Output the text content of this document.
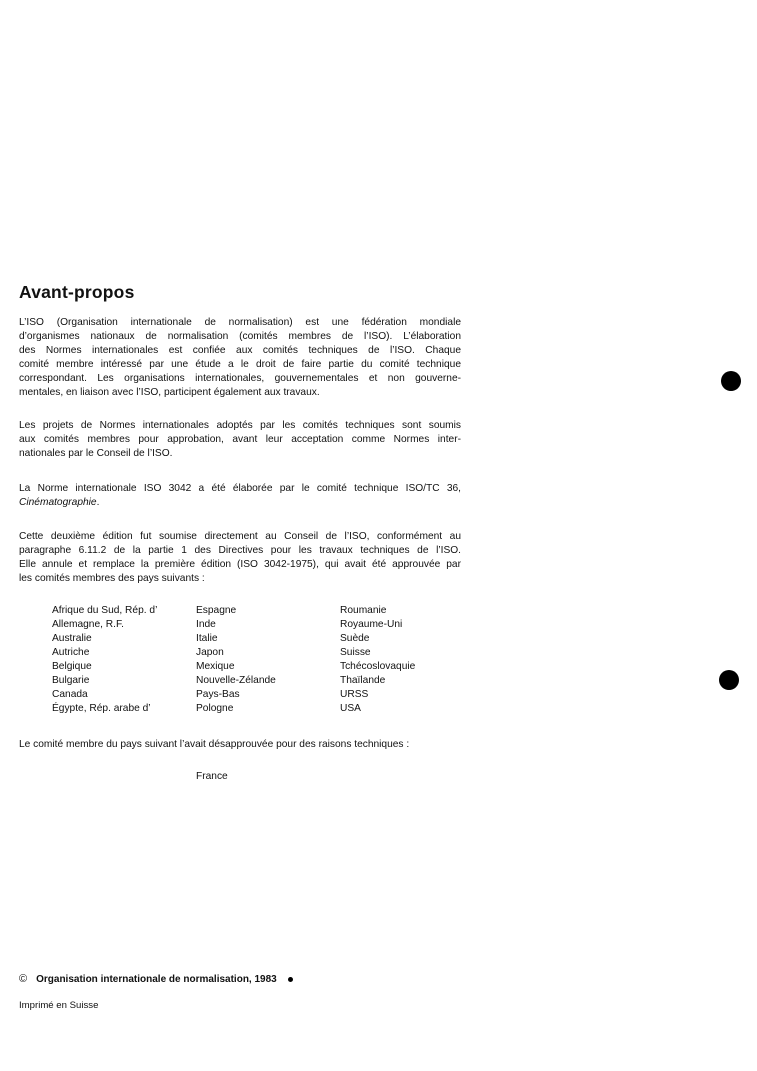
Avant-propos

L’ISO (Organisation internationale de normalisation) est une fédération mondiale
d’organismes nationaux de normalisation (comités membres de l’ISO). L’élaboration
des Normes internationales est confiée aux comités techniques de l’ISO. Chaque
comité membre intéressé par une étude a le droit de faire partie du comité technique
correspondant. Les organisations internationales, gouvernementales et non gouverne-
mentales, en liaison avec l’ISO, participent également aux travaux.

Les projets de Normes internationales adoptés par les comités techniques sont soumis
aux comités membres pour approbation, avant leur acceptation comme Normes inter-
nationales par le Conseil de l’ISO.

La Norme internationale ISO 3042 a été élaborée par le comité technique ISO/TC 36,
Cinématographie.

Cette deuxième édition fut soumise directement au Conseil de l’ISO, conformément au
paragraphe 6.11.2 de la partie 1 des Directives pour les travaux techniques de l’ISO.
Elle annule et remplace la première édition (ISO 3042-1975), qui avait été approuvée par
les comités membres des pays suivants :

Afrique du Sud, Rép. d’
Allemagne, R.F.
Australie
Autriche
Belgique
Bulgarie
Canada
Égypte, Rép. arabe d’
Espagne
Inde
Italie
Japon
Mexique
Nouvelle-Zélande
Pays-Bas
Pologne
Roumanie
Royaume-Uni
Suède
Suisse
Tchécoslovaquie
Thaïlande
URSS
USA

Le comité membre du pays suivant l’avait désapprouvée pour des raisons techniques :

France
© Organisation internationale de normalisation, 1983
Imprimé en Suisse
